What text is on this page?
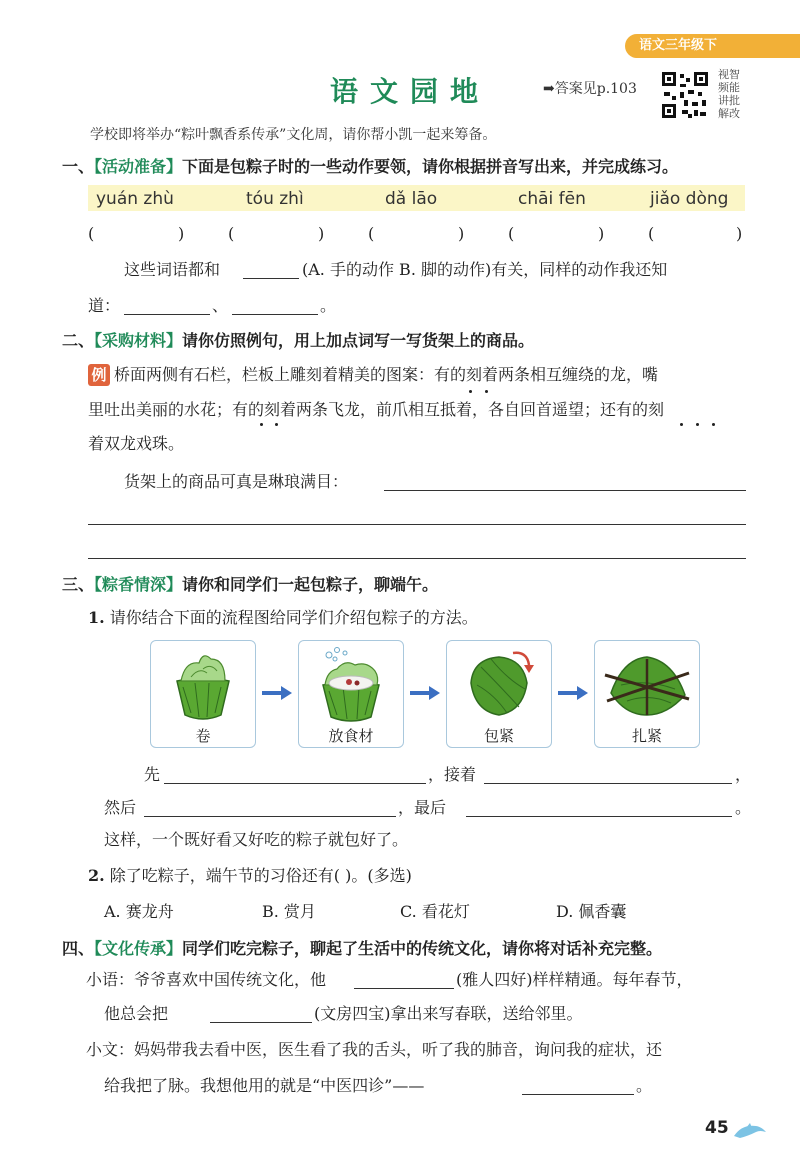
语文三年级下
语文园地	➡答案见p.103
视智频能讲批解改
学校即将举办“粽叶飘香系传承”文化周，请你帮小凯一起来筹备。
一、【活动准备】下面是包粽子时的一些动作要领，请你根据拼音写出来，并完成练习。
yuán zhù	tóu zhì	dǎ lāo	chāi fēn	jiǎo dòng
(	)	(	)	(	)	(	)	(	)
这些词语都和	(A. 手的动作 B. 脚的动作)有关，同样的动作我还知
道：	、	。
二、【采购材料】请你仿照例句，用上加点词写一写货架上的商品。
例 桥面两侧有石栏，栏板上雕刻着精美的图案：有的刻着两条相互缠绕的龙，嘴
里吐出美丽的水花；有的刻着两条飞龙，前爪相互抵着，各自回首遥望；还有的刻
着双龙戏珠。
货架上的商品可真是琳琅满目：
三、【粽香情深】请你和同学们一起包粽子，聊端午。
1. 请你结合下面的流程图给同学们介绍包粽子的方法。
卷	放食材	包紧	扎紧
先	，接着	，
然后	，最后	。
这样，一个既好看又好吃的粽子就包好了。
2. 除了吃粽子，端午节的习俗还有( )。(多选)
A. 赛龙舟	B. 赏月	C. 看花灯	D. 佩香囊
四、【文化传承】同学们吃完粽子，聊起了生活中的传统文化，请你将对话补充完整。
小语：爷爷喜欢中国传统文化，他	(雅人四好)样样精通。每年春节，
他总会把	(文房四宝)拿出来写春联，送给邻里。
小文：妈妈带我去看中医，医生看了我的舌头，听了我的肺音，询问我的症状，还
给我把了脉。我想他用的就是“中医四诊”——	。
45
